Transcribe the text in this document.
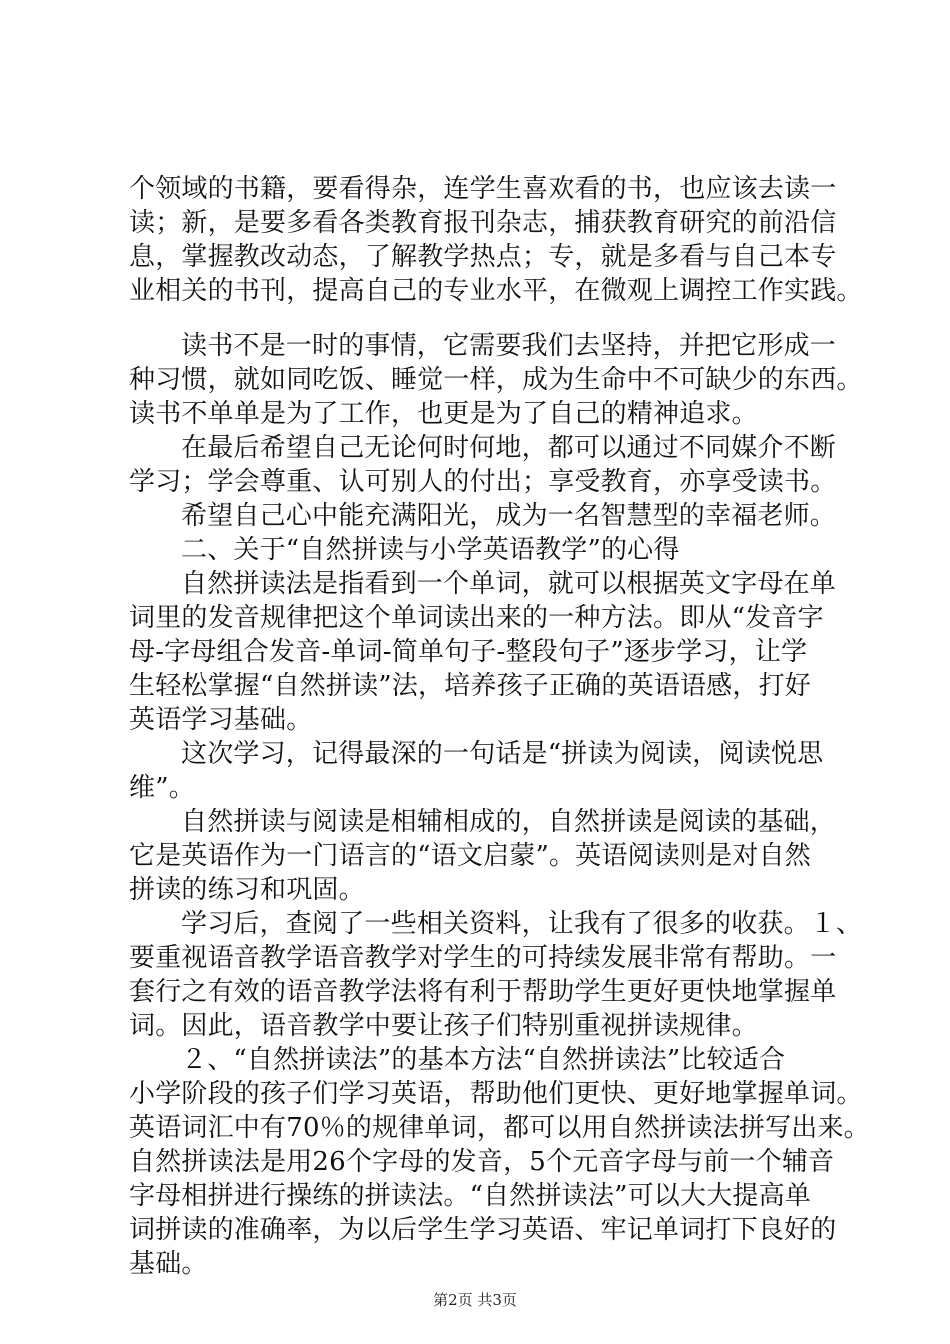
个领域的书籍，要看得杂，连学生喜欢看的书，也应该去读一
读；新，是要多看各类教育报刊杂志，捕获教育研究的前沿信
息，掌握教改动态，了解教学热点；专，就是多看与自己本专
业相关的书刊，提高自己的专业水平，在微观上调控工作实践。
读书不是一时的事情，它需要我们去坚持，并把它形成一
种习惯，就如同吃饭、睡觉一样，成为生命中不可缺少的东西。
读书不单单是为了工作，也更是为了自己的精神追求。
在最后希望自己无论何时何地，都可以通过不同媒介不断
学习；学会尊重、认可别人的付出；享受教育，亦享受读书。
希望自己心中能充满阳光，成为一名智慧型的幸福老师。
二、关于“自然拼读与小学英语教学”的心得
自然拼读法是指看到一个单词，就可以根据英文字母在单
词里的发音规律把这个单词读出来的一种方法。即从“发音字
母-字母组合发音-单词-简单句子-整段句子”逐步学习，让学
生轻松掌握“自然拼读”法，培养孩子正确的英语语感，打好
英语学习基础。
这次学习，记得最深的一句话是“拼读为阅读，阅读悦思
维”。
自然拼读与阅读是相辅相成的，自然拼读是阅读的基础，
它是英语作为一门语言的“语文启蒙”。英语阅读则是对自然
拼读的练习和巩固。
学习后，查阅了一些相关资料，让我有了很多的收获。１、
要重视语音教学语音教学对学生的可持续发展非常有帮助。一
套行之有效的语音教学法将有利于帮助学生更好更快地掌握单
词。因此，语音教学中要让孩子们特别重视拼读规律。
２、“自然拼读法”的基本方法“自然拼读法”比较适合
小学阶段的孩子们学习英语，帮助他们更快、更好地掌握单词。
英语词汇中有70％的规律单词，都可以用自然拼读法拼写出来。
自然拼读法是用26个字母的发音，5个元音字母与前一个辅音
字母相拼进行操练的拼读法。“自然拼读法”可以大大提高单
词拼读的准确率，为以后学生学习英语、牢记单词打下良好的
基础。
第2页 共3页
